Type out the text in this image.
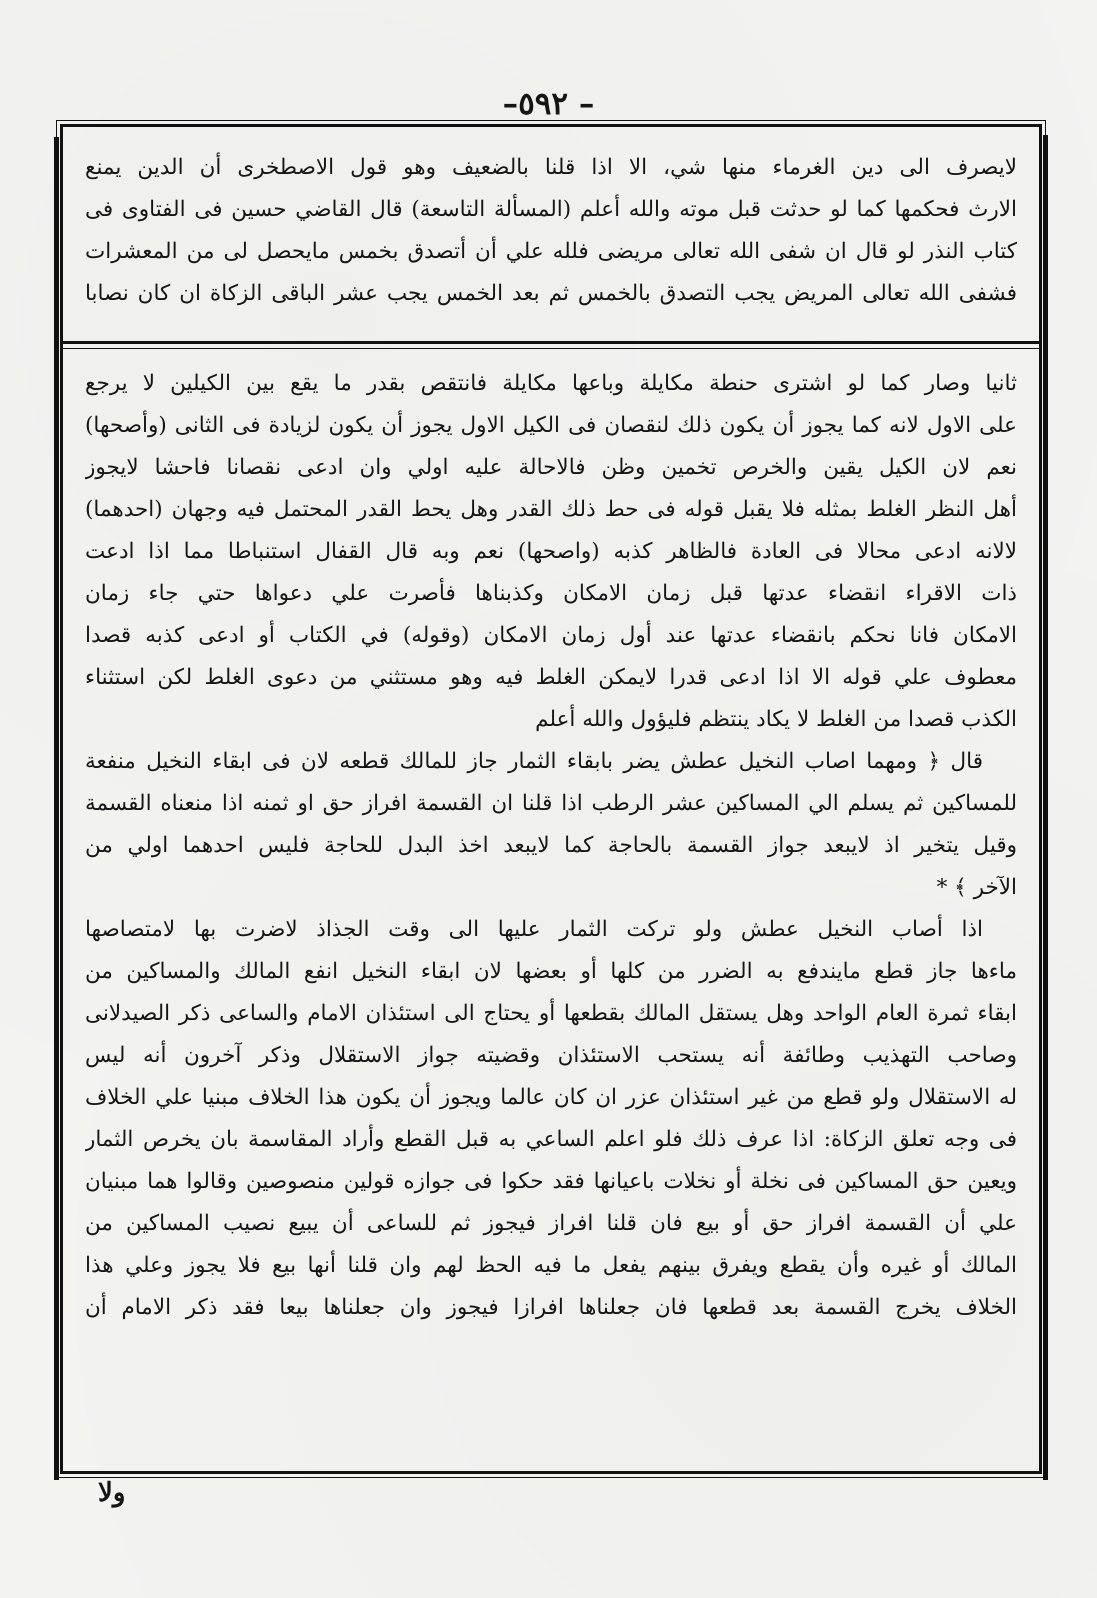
–٥٩٢ –
لايصرف الى دين الغرماء منها شي، الا اذا قلنا بالضعيف وهو قول الاصطخرى أن الدين يمنع
الارث فحكمها كما لو حدثت قبل موته والله أعلم (المسألة التاسعة) قال القاضي حسين فى الفتاوى فى
كتاب النذر لو قال ان شفى الله تعالى مريضى فلله علي أن أتصدق بخمس مايحصل لى من المعشرات
فشفى الله تعالى المريض يجب التصدق بالخمس ثم بعد الخمس يجب عشر الباقى الزكاة ان كان نصابا
ثانيا وصار كما لو اشترى حنطة مكايلة وباعها مكايلة فانتقص بقدر ما يقع بين الكيلين لا يرجع
على الاول لانه كما يجوز أن يكون ذلك لنقصان فى الكيل الاول يجوز أن يكون لزيادة فى الثانى (وأصحها)
نعم لان الكيل يقين والخرص تخمين وظن فالاحالة عليه اولي وان ادعى نقصانا فاحشا لايجوز
أهل النظر الغلط بمثله فلا يقبل قوله فى حط ذلك القدر وهل يحط القدر المحتمل فيه وجهان (احدهما)
لالانه ادعى محالا فى العادة فالظاهر كذبه (واصحها) نعم وبه قال القفال استنباطا مما اذا ادعت
ذات الاقراء انقضاء عدتها قبل زمان الامكان وكذبناها فأصرت علي دعواها حتي جاء زمان
الامكان فانا نحكم بانقضاء عدتها عند أول زمان الامكان (وقوله) في الكتاب أو ادعى كذبه قصدا
معطوف علي قوله الا اذا ادعى قدرا لايمكن الغلط فيه وهو مستثني من دعوى الغلط لكن استثناء
الكذب قصدا من الغلط لا يكاد ينتظم فليؤول والله أعلم
قال ﴿ ومهما اصاب النخيل عطش يضر بابقاء الثمار جاز للمالك قطعه لان فى ابقاء النخيل منفعة
للمساكين ثم يسلم الي المساكين عشر الرطب اذا قلنا ان القسمة افراز حق او ثمنه اذا منعناه القسمة
وقيل يتخير اذ لايبعد جواز القسمة بالحاجة كما لايبعد اخذ البدل للحاجة فليس احدهما اولي من
الآخر ﴾ *
اذا أصاب النخيل عطش ولو تركت الثمار عليها الى وقت الجذاذ لاضرت بها لامتصاصها
ماءها جاز قطع مايندفع به الضرر من كلها أو بعضها لان ابقاء النخيل انفع المالك والمساكين من
ابقاء ثمرة العام الواحد وهل يستقل المالك بقطعها أو يحتاج الى استئذان الامام والساعى ذكر الصيدلانى
وصاحب التهذيب وطائفة أنه يستحب الاستئذان وقضيته جواز الاستقلال وذكر آخرون أنه ليس
له الاستقلال ولو قطع من غير استئذان عزر ان كان عالما ويجوز أن يكون هذا الخلاف مبنيا علي الخلاف
فى وجه تعلق الزكاة: اذا عرف ذلك فلو اعلم الساعي به قبل القطع وأراد المقاسمة بان يخرص الثمار
ويعين حق المساكين فى نخلة أو نخلات باعيانها فقد حكوا فى جوازه قولين منصوصين وقالوا هما مبنيان
علي أن القسمة افراز حق أو بيع فان قلنا افراز فيجوز ثم للساعى أن يبيع نصيب المساكين من
المالك أو غيره وأن يقطع ويفرق بينهم يفعل ما فيه الحظ لهم وان قلنا أنها بيع فلا يجوز وعلي هذا
الخلاف يخرج القسمة بعد قطعها فان جعلناها افرازا فيجوز وان جعلناها بيعا فقد ذكر الامام أن
ولا
